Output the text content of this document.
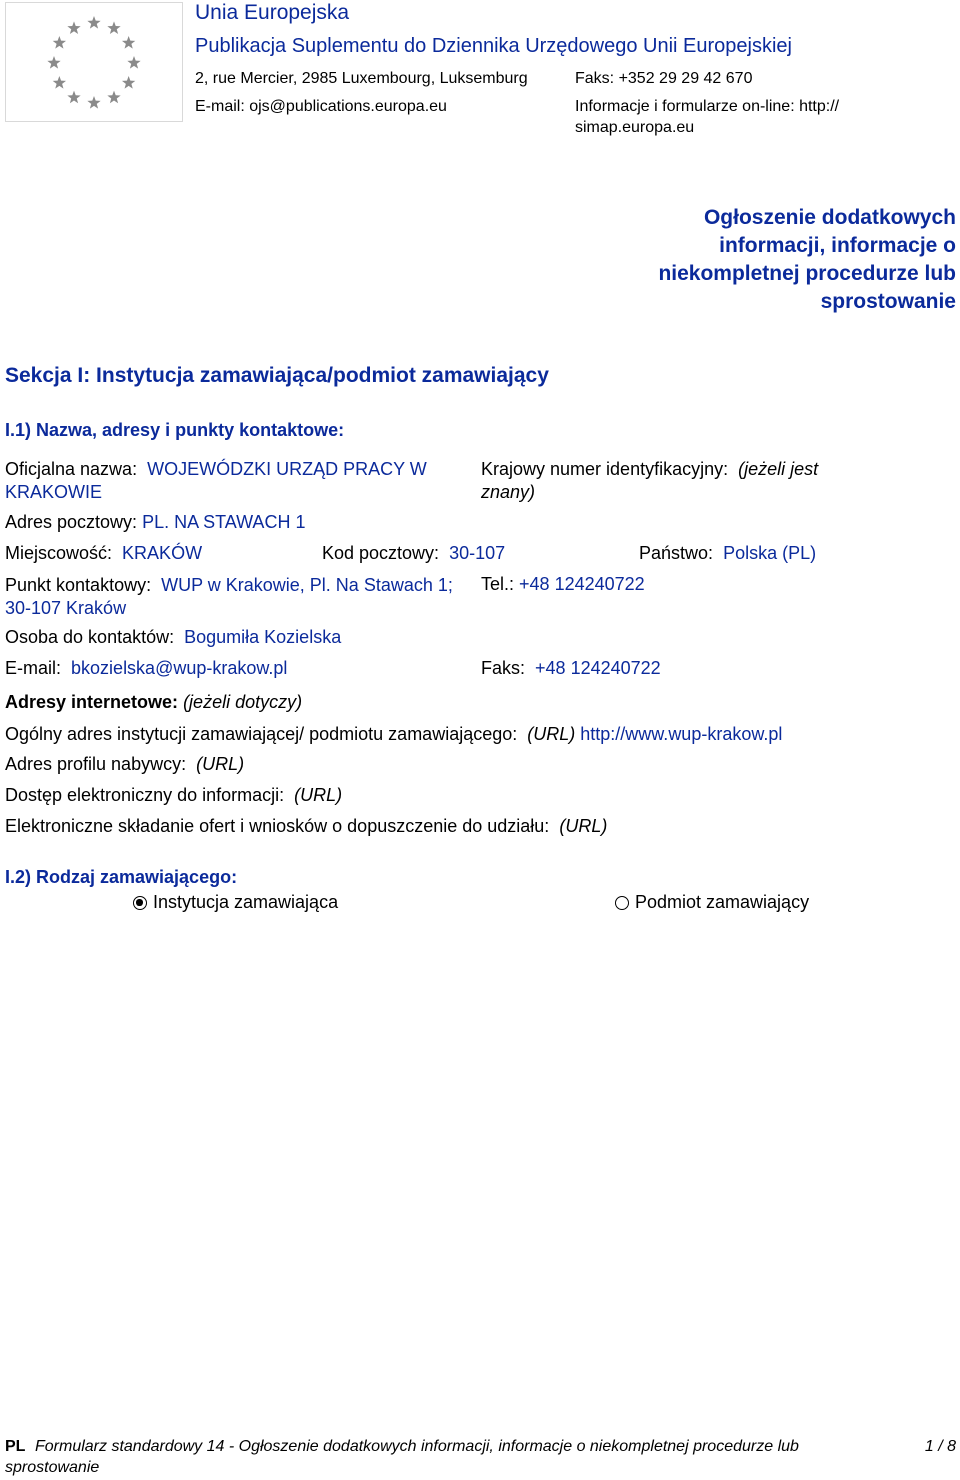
Unia Europejska
Publikacja Suplementu do Dziennika Urzędowego Unii Europejskiej
2, rue Mercier, 2985 Luxembourg, Luksemburg	Faks: +352 29 29 42 670
E-mail: ojs@publications.europa.eu	Informacje i formularze on-line: http://
simap.europa.eu
Ogłoszenie dodatkowych informacji, informacje o niekompletnej procedurze lub sprostowanie
Sekcja I: Instytucja zamawiająca/podmiot zamawiający
I.1) Nazwa, adresy i punkty kontaktowe:
Oficjalna nazwa: WOJEWÓDZKI URZĄD PRACY W KRAKOWIE
Krajowy numer identyfikacyjny: (jeżeli jest znany)
Adres pocztowy: PL. NA STAWACH 1
Miejscowość: KRAKÓW	Kod pocztowy: 30-107	Państwo: Polska (PL)
Punkt kontaktowy: WUP w Krakowie, Pl. Na Stawach 1; 30-107 Kraków
Tel.: +48 124240722
Osoba do kontaktów: Bogumiła Kozielska
E-mail: bkozielska@wup-krakow.pl	Faks: +48 124240722
Adresy internetowe: (jeżeli dotyczy)
Ogólny adres instytucji zamawiającej/ podmiotu zamawiającego: (URL) http://www.wup-krakow.pl
Adres profilu nabywcy: (URL)
Dostęp elektroniczny do informacji: (URL)
Elektroniczne składanie ofert i wniosków o dopuszczenie do udziału: (URL)
I.2) Rodzaj zamawiającego:
Instytucja zamawiająca	Podmiot zamawiający
PL Formularz standardowy 14 - Ogłoszenie dodatkowych informacji, informacje o niekompletnej procedurze lub
sprostowanie
1 / 8
